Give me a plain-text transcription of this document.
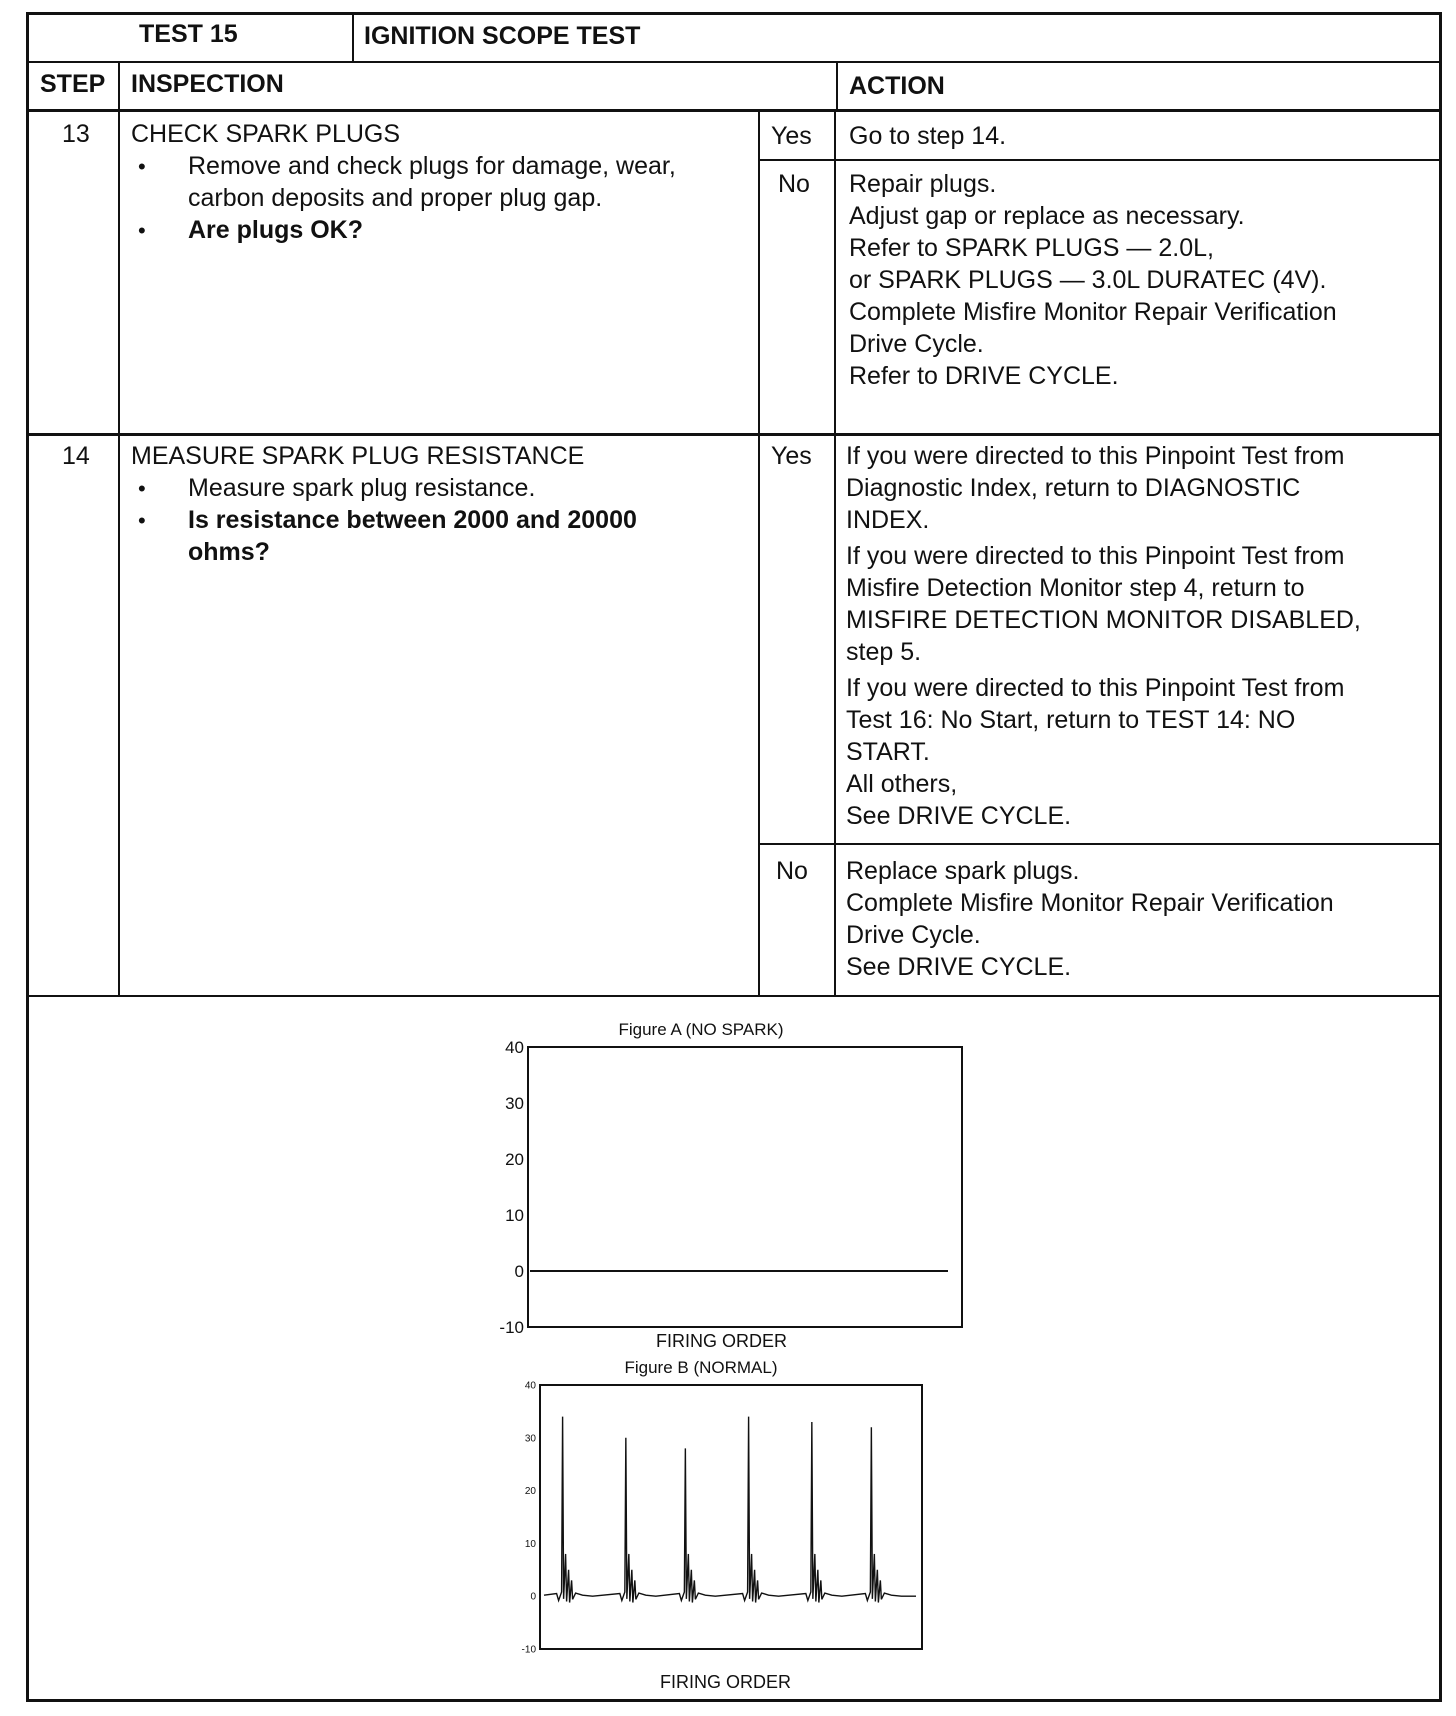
TEST 15	IGNITION SCOPE TEST
STEP INSPECTION	ACTION
13 CHECK SPARK PLUGS
• Remove and check plugs for damage, wear,
carbon deposits and proper plug gap.
• Are plugs OK?
Yes Go to step 14.
No Repair plugs.
Adjust gap or replace as necessary.
Refer to SPARK PLUGS — 2.0L,
or SPARK PLUGS — 3.0L DURATEC (4V).
Complete Misfire Monitor Repair Verification
Drive Cycle.
Refer to DRIVE CYCLE.
14 MEASURE SPARK PLUG RESISTANCE
• Measure spark plug resistance.
• Is resistance between 2000 and 20000
ohms?
Yes If you were directed to this Pinpoint Test from
Diagnostic Index, return to DIAGNOSTIC
INDEX.
If you were directed to this Pinpoint Test from
Misfire Detection Monitor step 4, return to
MISFIRE DETECTION MONITOR DISABLED,
step 5.
If you were directed to this Pinpoint Test from
Test 16: No Start, return to TEST 14: NO
START.
All others,
See DRIVE CYCLE.
No Replace spark plugs.
Complete Misfire Monitor Repair Verification
Drive Cycle.
See DRIVE CYCLE.
Figure A (NO SPARK)
40
30
20
10
0
-10
FIRING ORDER
Figure B (NORMAL)
40
30
20
10
0
-10
FIRING ORDER
